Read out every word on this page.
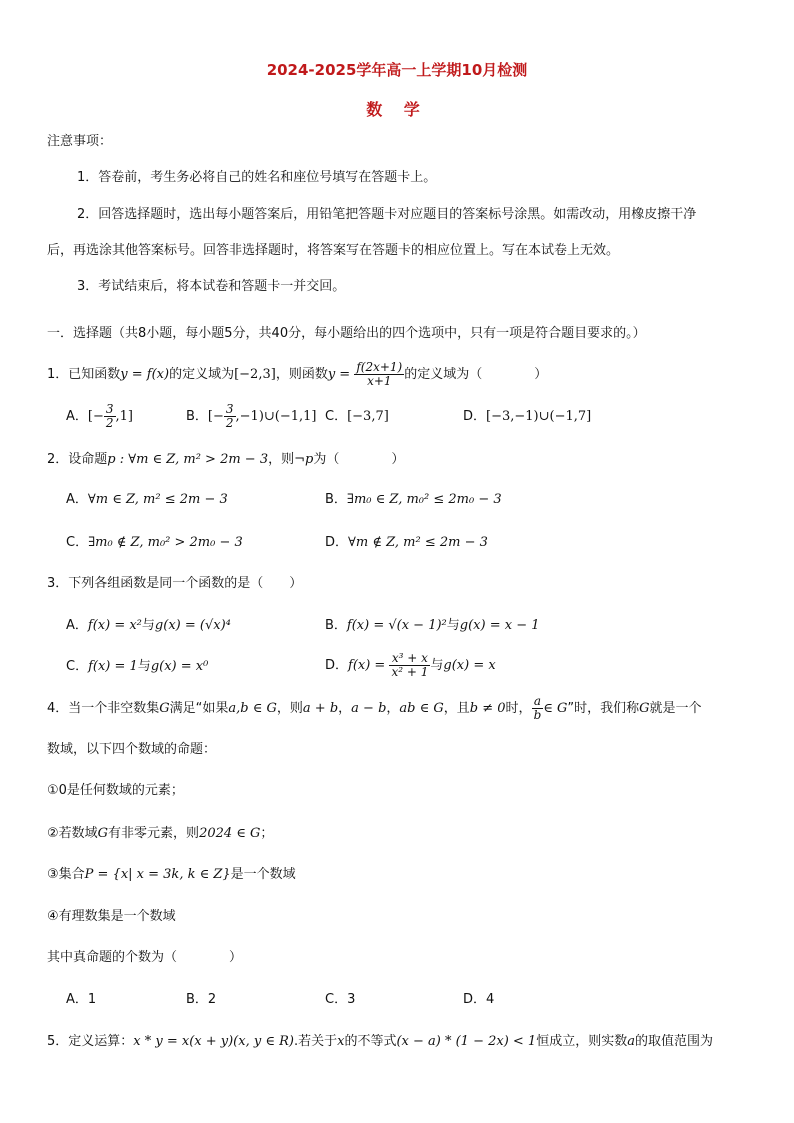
2024-2025学年高一上学期10月检测
数 学
注意事项：
1．答卷前，考生务必将自己的姓名和座位号填写在答题卡上。
2．回答选择题时，选出每小题答案后，用铅笔把答题卡对应题目的答案标号涂黑。如需改动，用橡皮擦干净
后，再选涂其他答案标号。回答非选择题时，将答案写在答题卡的相应位置上。写在本试卷上无效。
3．考试结束后，将本试卷和答题卡一并交回。
一．选择题（共8小题，每小题5分，共40分，每小题给出的四个选项中，只有一项是符合题目要求的。）
1．已知函数y = f(x)的定义域为[−2,3]，则函数$y = \frac{f(2x+1)}{x+1}$ 的定义域为（　　　　）
A．[− $\frac{3}{2} ,1$]	B．[− $\frac{3}{2}$ ,−1)∪(−1,1] C．[−3,7]	D．[−3,−1)∪(−1,7]
2．设命题p : ∀m ∈ Z, m² > 2m − 3，则¬p为（　　　　）
A．∀m ∈ Z, m² ≤ 2m − 3	B．∃m₀ ∈ Z, m₀² ≤ 2m₀ − 3
C．∃m₀ ∉ Z, m₀² > 2m₀ − 3	D．∀m ∉ Z, m² ≤ 2m − 3
3．下列各组函数是同一个函数的是（　　）
A．f(x) = x²与g(x) = (√x)⁴	B．f(x) = √(x − 1)²与g(x) = x − 1
C．f(x) = 1与g(x) = x⁰	D．$f(x) = \frac{\text{x³ + x}}{\text{x² + 1}}$ 与g(x) = x
4．当一个非空数集G满足“如果a,b ∈ G，则a + b，a − b，ab ∈ G，且b ≠ 0时， $\frac{a}{b}$ ∈ G”时，我们称G就是一个
数域，以下四个数域的命题：
①0是任何数域的元素；
②若数域G有非零元素，则2024 ∈ G；
③集合P = {x| x = 3k, k ∈ Z}是一个数域
④有理数集是一个数域
其中真命题的个数为（　　　　）
A．1	B．2	C．3	D．4
5．定义运算：x * y = x(x + y)(x, y ∈ R).若关于x的不等式(x − a) * (1 − 2x) < 1恒成立，则实数a的取值范围为
